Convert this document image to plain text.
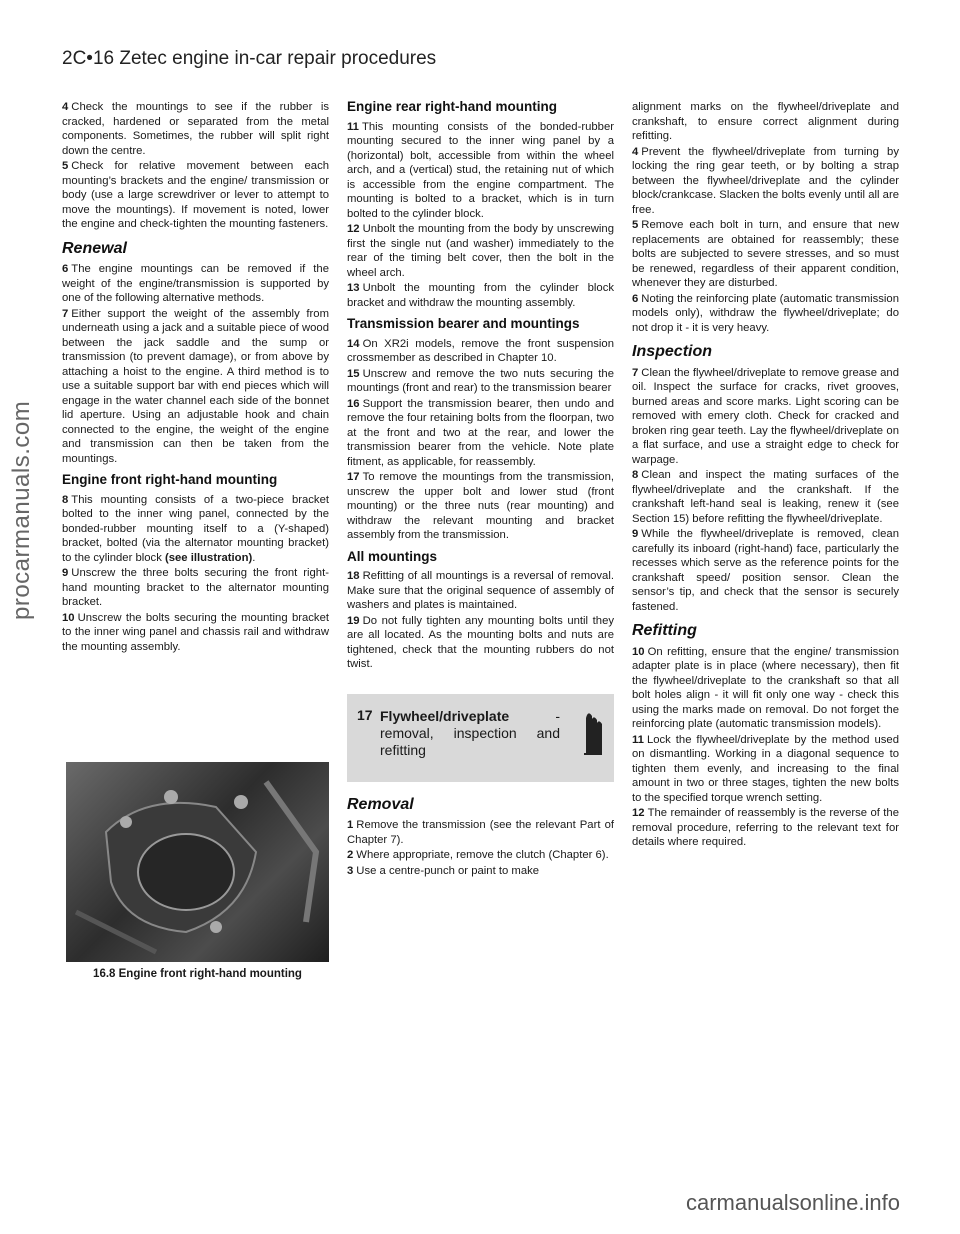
2C•16 Zetec engine in-car repair procedures
procarmanuals.com

4 Check the mountings to see if the rubber is cracked, hardened or separated from the metal components. Sometimes, the rubber will split right down the centre.

5 Check for relative movement between each mounting’s brackets and the engine/ transmission or body (use a large screwdriver or lever to attempt to move the mountings). If movement is noted, lower the engine and check-tighten the mounting fasteners.

Renewal

6 The engine mountings can be removed if the weight of the engine/transmission is supported by one of the following alternative methods.

7 Either support the weight of the assembly from underneath using a jack and a suitable piece of wood between the jack saddle and the sump or transmission (to prevent damage), or from above by attaching a hoist to the engine. A third method is to use a suitable support bar with end pieces which will engage in the water channel each side of the bonnet lid aperture. Using an adjustable hook and chain connected to the engine, the weight of the engine and transmission can then be taken from the mountings.

Engine front right-hand mounting

8 This mounting consists of a two-piece bracket bolted to the inner wing panel, connected by the bonded-rubber mounting itself to a (Y-shaped) bracket, bolted (via the alternator mounting bracket) to the cylinder block (see illustration).

9 Unscrew the three bolts securing the front right-hand mounting bracket to the alternator mounting bracket.

10 Unscrew the bolts securing the mounting bracket to the inner wing panel and chassis rail and withdraw the mounting assembly.

16.8 Engine front right-hand mounting
Engine rear right-hand mounting

11 This mounting consists of the bonded-rubber mounting secured to the inner wing panel by a (horizontal) bolt, accessible from within the wheel arch, and a (vertical) stud, the retaining nut of which is accessible from the engine compartment. The mounting is bolted to a bracket, which is in turn bolted to the cylinder block.

12 Unbolt the mounting from the body by unscrewing first the single nut (and washer) immediately to the rear of the timing belt cover, then the bolt in the wheel arch.

13 Unbolt the mounting from the cylinder block bracket and withdraw the mounting assembly.

Transmission bearer and mountings

14 On XR2i models, remove the front suspension crossmember as described in Chapter 10.

15 Unscrew and remove the two nuts securing the mountings (front and rear) to the transmission bearer

16 Support the transmission bearer, then undo and remove the four retaining bolts from the floorpan, two at the front and two at the rear, and lower the transmission bearer from the vehicle. Note plate fitment, as applicable, for reassembly.

17 To remove the mountings from the transmission, unscrew the upper bolt and lower stud (front mounting) or the three nuts (rear mounting) and withdraw the relevant mounting and bracket assembly from the transmission.

All mountings

18 Refitting of all mountings is a reversal of removal. Make sure that the original sequence of assembly of washers and plates is maintained.

19 Do not fully tighten any mounting bolts until they are all located. As the mounting bolts and nuts are tightened, check that the mounting rubbers do not twist.

17 Flywheel/driveplate - removal, inspection and refitting
Removal

1 Remove the transmission (see the relevant Part of Chapter 7).

2 Where appropriate, remove the clutch (Chapter 6).

3 Use a centre-punch or paint to make

alignment marks on the flywheel/driveplate and crankshaft, to ensure correct alignment during refitting.

4 Prevent the flywheel/driveplate from turning by locking the ring gear teeth, or by bolting a strap between the flywheel/driveplate and the cylinder block/crankcase. Slacken the bolts evenly until all are free.

5 Remove each bolt in turn, and ensure that new replacements are obtained for reassembly; these bolts are subjected to severe stresses, and so must be renewed, regardless of their apparent condition, whenever they are disturbed.

6 Noting the reinforcing plate (automatic transmission models only), withdraw the flywheel/driveplate; do not drop it - it is very heavy.

Inspection

7 Clean the flywheel/driveplate to remove grease and oil. Inspect the surface for cracks, rivet grooves, burned areas and score marks. Light scoring can be removed with emery cloth. Check for cracked and broken ring gear teeth. Lay the flywheel/driveplate on a flat surface, and use a straight edge to check for warpage.

8 Clean and inspect the mating surfaces of the flywheel/driveplate and the crankshaft. If the crankshaft left-hand seal is leaking, renew it (see Section 15) before refitting the flywheel/driveplate.

9 While the flywheel/driveplate is removed, clean carefully its inboard (right-hand) face, particularly the recesses which serve as the reference points for the crankshaft speed/ position sensor. Clean the sensor’s tip, and check that the sensor is securely fastened.

Refitting

10 On refitting, ensure that the engine/ transmission adapter plate is in place (where necessary), then fit the flywheel/driveplate to the crankshaft so that all bolt holes align - it will fit only one way - check this using the marks made on removal. Do not forget the reinforcing plate (automatic transmission models).

11 Lock the flywheel/driveplate by the method used on dismantling. Working in a diagonal sequence to tighten them evenly, and increasing to the final amount in two or three stages, tighten the new bolts to the specified torque wrench setting.

12 The remainder of reassembly is the reverse of the removal procedure, referring to the relevant text for details where required.

carmanualsonline.info
